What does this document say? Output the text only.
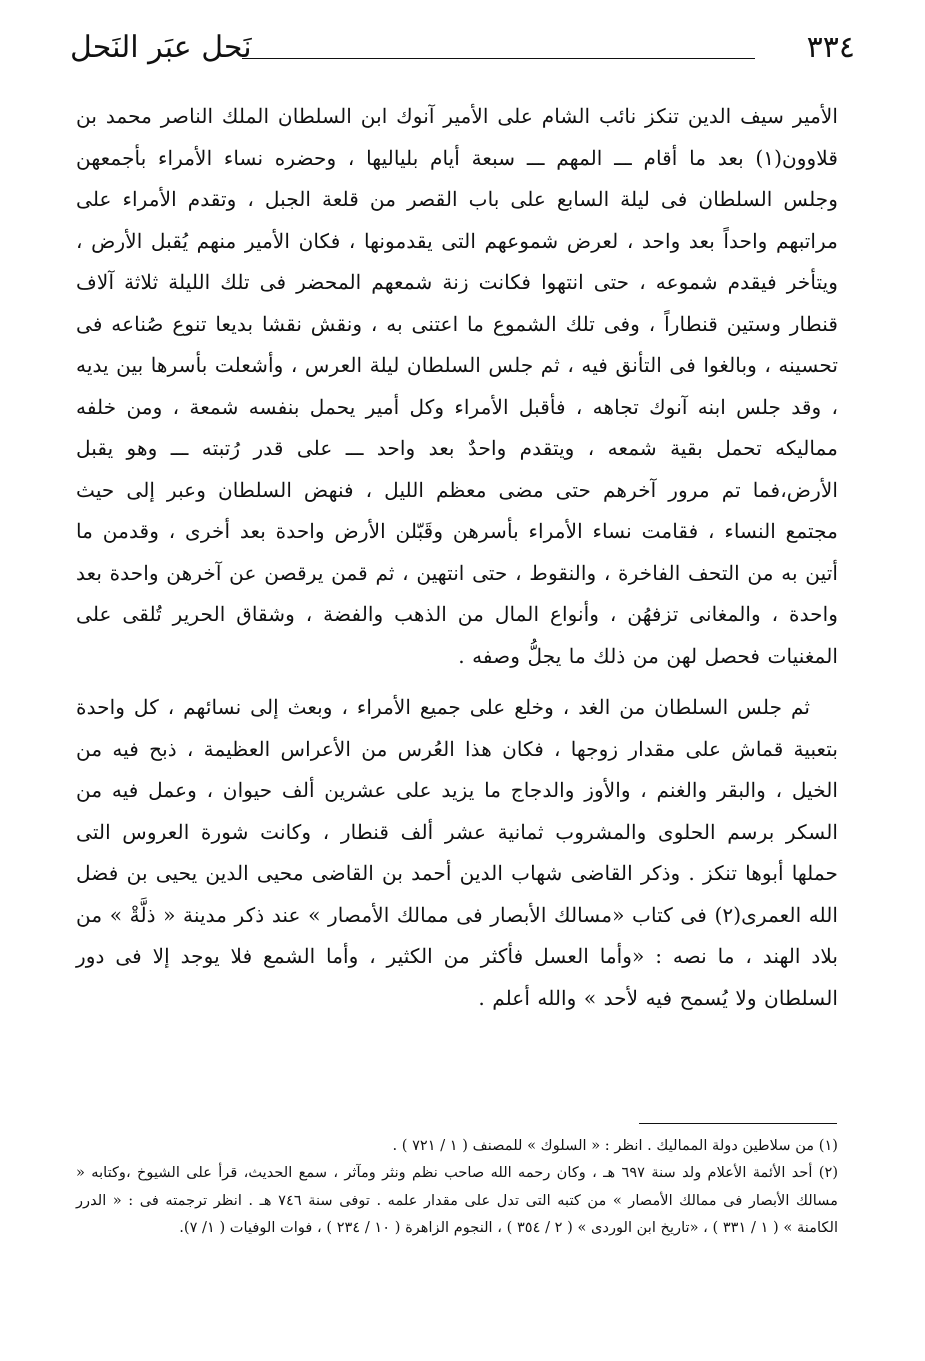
٣٣٤
نَحل عبَر النَحل

الأمير سيف الدين تنكز نائب الشام على الأمير آنوك ابن السلطان الملك الناصر محمد بن قلاوون(١) بعد ما أقام ـــ المهم ـــ سبعة أيام بلياليها ، وحضره نساء الأمراء بأجمعهن وجلس السلطان فى ليلة السابع على باب القصر من قلعة الجبل ، وتقدم الأمراء على مراتبهم واحداً بعد واحد ، لعرض شموعهم التى يقدمونها ، فكان الأمير منهم يُقبل الأرض ، ويتأخر فيقدم شموعه ، حتى انتهوا فكانت زنة شمعهم المحضر فى تلك الليلة ثلاثة آلاف قنطار وستين قنطاراً ، وفى تلك الشموع ما اعتنى به ، ونقش نقشا بديعا تنوع صُناعه فى تحسينه ، وبالغوا فى التأنق فيه ، ثم جلس السلطان ليلة العرس ، وأشعلت بأسرها بين يديه ، وقد جلس ابنه آنوك تجاهه ، فأقبل الأمراء وكل أمير يحمل بنفسه شمعة ، ومن خلفه مماليكه تحمل بقية شمعه ، ويتقدم واحدٌ بعد واحد ـــ على قدر رُتبته ـــ وهو يقبل الأرض،فما تم مرور آخرهم حتى مضى معظم الليل ، فنهض السلطان وعبر إلى حيث مجتمع النساء ، فقامت نساء الأمراء بأسرهن وقَبّلن الأرض واحدة بعد أخرى ، وقدمن ما أتين به من التحف الفاخرة ، والنقوط ، حتى انتهين ، ثم قمن يرقصن عن آخرهن واحدة بعد واحدة ، والمغانى تزفهُن ، وأنواع المال من الذهب والفضة ، وشقاق الحرير تُلقى على المغنيات فحصل لهن من ذلك ما يجلُّ وصفه .

ثم جلس السلطان من الغد ، وخلع على جميع الأمراء ، وبعث إلى نسائهم ، كل واحدة بتعبية قماش على مقدار زوجها ، فكان هذا العُرس من الأعراس العظيمة ، ذبح فيه من الخيل ، والبقر والغنم ، والأوز والدجاج ما يزيد على عشرين ألف حيوان ، وعمل فيه من السكر برسم الحلوى والمشروب ثمانية عشر ألف قنطار ، وكانت شورة العروس التى حملها أبوها تنكز . وذكر القاضى شهاب الدين أحمد بن القاضى محيى الدين يحيى بن فضل الله العمرى(٢) فى كتاب «مسالك الأبصار فى ممالك الأمصار » عند ذكر مدينة « ذلَّةْ » من بلاد الهند ، ما نصه : «وأما العسل فأكثر من الكثير ، وأما الشمع فلا يوجد إلا فى دور السلطان ولا يُسمح فيه لأحد » والله أعلم .

(١) من سلاطين دولة المماليك . انظر : « السلوك » للمصنف ( ١ / ٧٢١ ) .

(٢) أحد الأئمة الأعلام ولد سنة ٦٩٧ هـ ، وكان رحمه الله صاحب نظم ونثر ومآثر ، سمع الحديث، قرأ على الشيوخ ،وكتابه « مسالك الأبصار فى ممالك الأمصار » من كتبه التى تدل على مقدار علمه . توفى سنة ٧٤٦ هـ . انظر ترجمته فى : « الدرر الكامنة » ( ١ / ٣٣١ ) ، «تاريخ ابن الوردى » ( ٢ / ٣٥٤ ) ، النجوم الزاهرة ( ١٠ / ٢٣٤ ) ، فوات الوفيات ( ١/ ٧).
